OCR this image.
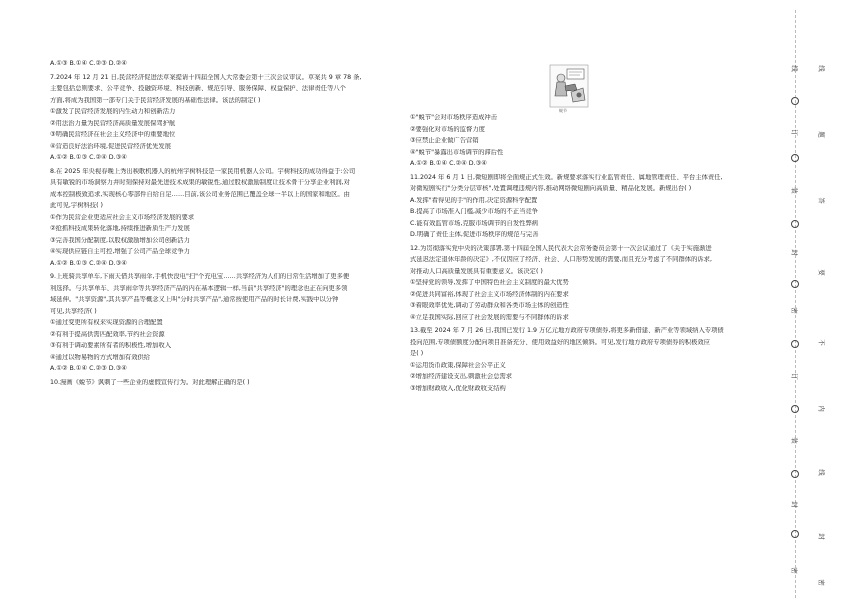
A.①③ B.①④ C.②③ D.②④
7.2024 年 12 月 21 日,民营经济促进法草案提请十四届全国人大常委会第十三次会议审议。草案共 9 章 78 条,
主要包括总则要求、公平竞争、投融资环境、科技创新、规范引导、服务保障、权益保护、法律责任等八个
方面,将成为我国第一部专门关于民营经济发展的基础性法律。该法的制定( )
①激发了民营经济发展的内生动力和创新活力
②用法治力量为民营经济高质量发展保驾护航
③明确民营经济在社会主义经济中的重要地位
④营造良好法治环境,促进民营经济优先发展
A.①② B.①③ C.②④ D.③④
8.在 2025 年央视春晚上秀出秧歌机器人的杭州宇树科技是一家民用机器人公司。宇树科技的成功得益于:公司
具有敏锐的市场洞察力并时刻保持对最先进技术成果的敏锐性,通过股权激励制度让技术骨干分享企业利润,对
成本控制极致追求,实现核心零部件自给自足……目前,该公司业务范围已覆盖全球一半以上的国家和地区。由
此可见,宇树科技( )
①作为民营企业更适应社会主义市场经济发展的要求
②抢抓科技成果转化落地,持续推进新质生产力发展
③完善我国分配制度,以股权激励增加公司创新活力
④实现供应链自主可控,增强了公司产品全球竞争力
A.①② B.①③ C.②④ D.③④
9.上班骑共享单车,下雨天借共享雨伞,手机快没电"扫"个充电宝……共享经济为人们的日常生活增加了更多便
利选择。与共享单车、共享雨伞等共享经济产品的内在基本逻辑一样,当前"共享经济"的理念也正在向更多领
域延伸。"共享资源",其共享产品等概念又上叫"分时共享产品",通常按使用产品的时长计费,实践中以分钟
可见,共享经济( )
①通过变更所有权来实现资源的合理配置
②有利于提高供需匹配效率,节约社会资源
③有利于调动要素所有者的积极性,增加收入
④通过以物易物的方式增加有效供给
A.①② B.①④ C.②③ D.③④
10.漫画《蜕节》讽刺了一些企业的虚假宣传行为。对此理解正确的是( )
蜕节
①"蜕节"会对市场秩序造成冲击
②要强化对市场的监督力度
③应禁止企业做广告营销
④"蜕节"暴露出市场调节的滞后性
A.①② B.①④ C.②④ D.③④
11.2024 年 6 月 1 日,微短剧即将全面规正式生效。新规要求落实行业监管责任、属地管理责任、平台主体责任,
对微短剧实行"分类分层审核",处置调理违规内容,推动网络微短剧向高质量、精品化发展。新规出台( )
A.发挥"看得见的手"的作用,决定资源科学配置
B.提高了市场准入门槛,减少市场的不正当竞争
C.能有效监管市场,克服市场调节的自发性弊病
D.明确了责任主体,促进市场秩序的规范与完善
12.为贯彻落实党中央的决策部署,第十四届全国人民代表大会常务委员会第十一次会议通过了《关于实施渐进
式延迟法定退休年龄的决定》,不仅因应了经济、社会、人口形势发展的需要,而且充分考虑了不同群体的诉求,
对推动人口高质量发展具有重要意义。该决定( )
①坚持党的领导,发挥了中国特色社会主义制度的最大优势
②促进共同富裕,体现了社会主义市场经济体制的内在要求
③着眼效率优先,调动了劳动群众和各类市场主体的创造性
④立足我国实际,回应了社会发展的需要与不同群体的诉求
13.截至 2024 年 7 月 26 日,我国已发行 1.9 万亿元地方政府专项债券,将更多新借建、新产业等领域纳入专项债
投向范围,专项债额度分配向项目准备充分、使用效益好的地区倾斜。可见,发行地方政府专项债券的积极效应
是( )
①运用货币政策,保障社会公平正义
②增加经济建设支出,刺激社会总需求
③增加财政收入,优化财政收支结构
线
订
装
封
密
订
装
封
密
线
题
答
要
不
内
线
封
密
